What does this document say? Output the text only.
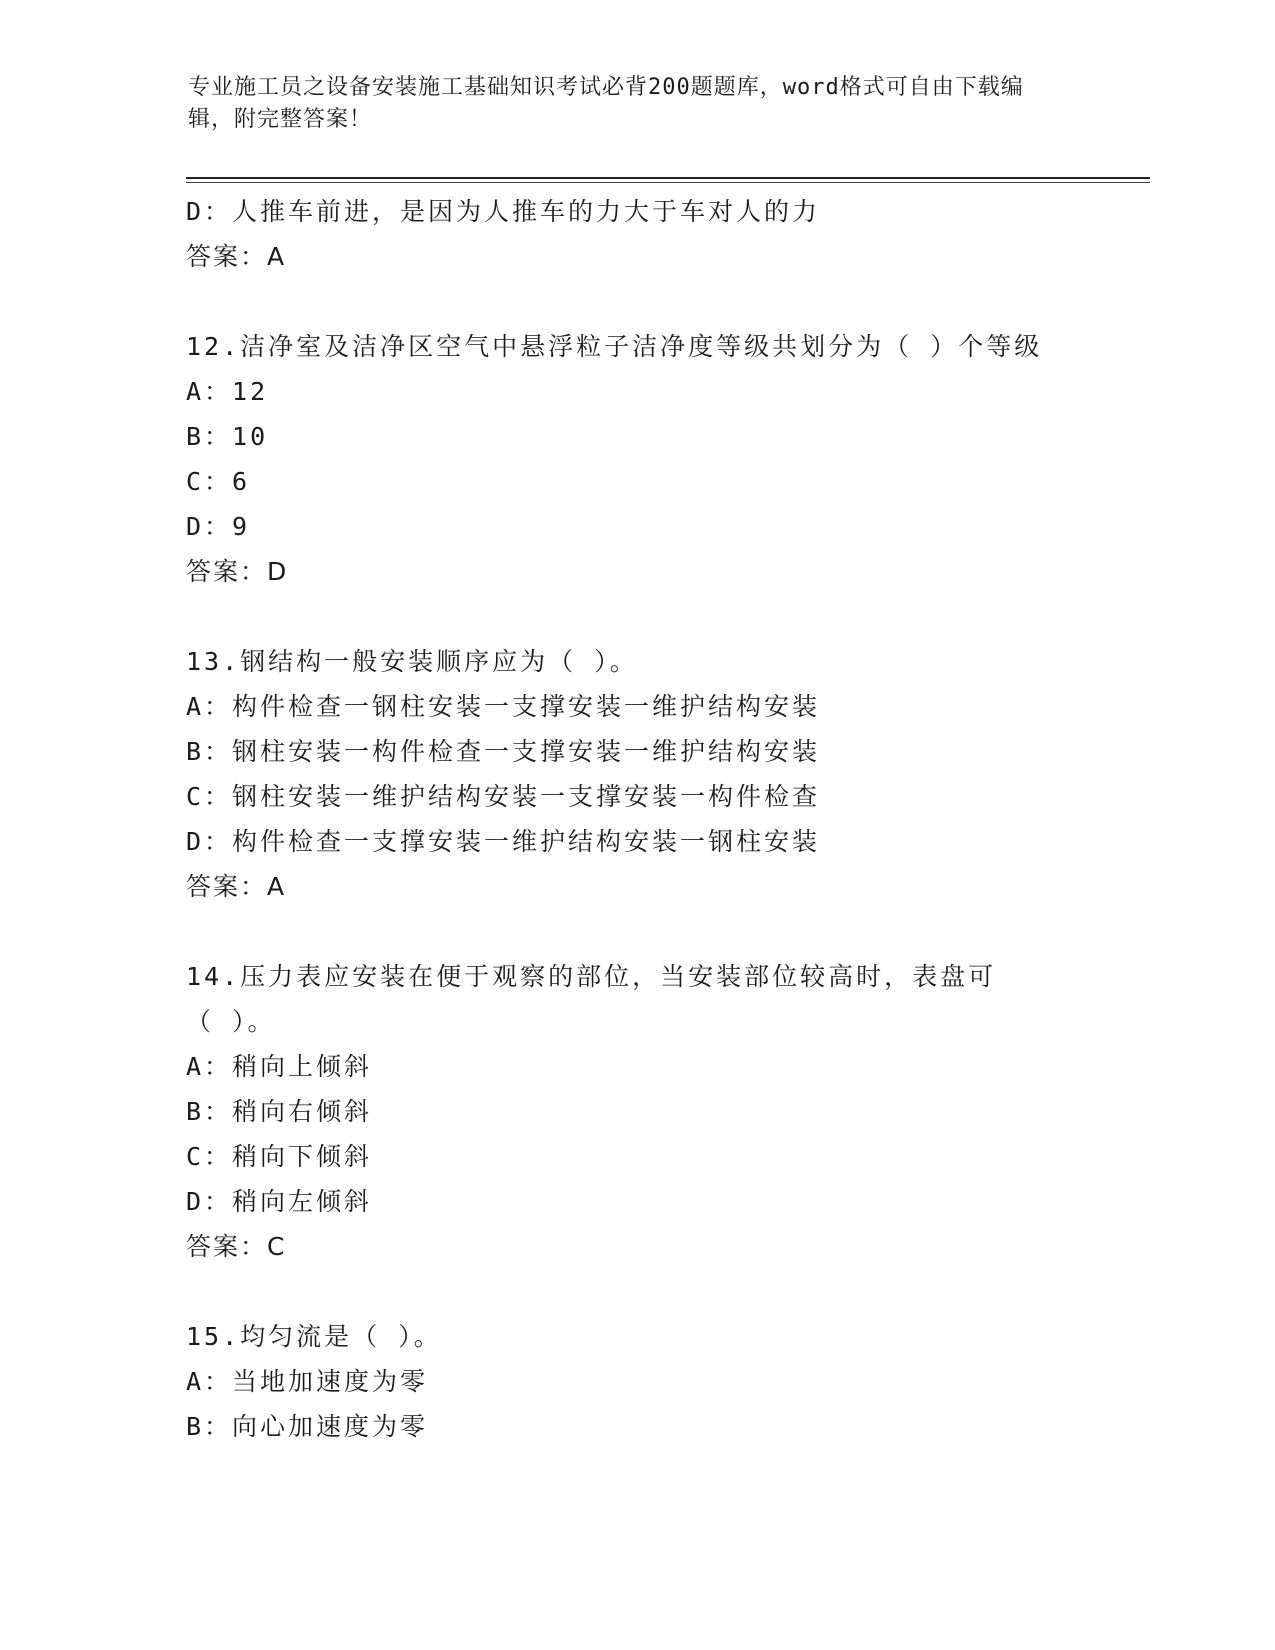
专业施工员之设备安装施工基础知识考试必背200题题库，word格式可自由下载编辑，附完整答案！
D：人推车前进，是因为人推车的力大于车对人的力
答案：A
12.洁净室及洁净区空气中悬浮粒子洁净度等级共划分为（ ）个等级
A：12
B：10
C：6
D：9
答案：D
13.钢结构一般安装顺序应为（ ）。
A：构件检查一钢柱安装一支撑安装一维护结构安装
B：钢柱安装一构件检查一支撑安装一维护结构安装
C：钢柱安装一维护结构安装一支撑安装一构件检查
D：构件检查一支撑安装一维护结构安装一钢柱安装
答案：A
14.压力表应安装在便于观察的部位，当安装部位较高时，表盘可（ ）。
A：稍向上倾斜
B：稍向右倾斜
C：稍向下倾斜
D：稍向左倾斜
答案：C
15.均匀流是（ ）。
A：当地加速度为零
B：向心加速度为零
